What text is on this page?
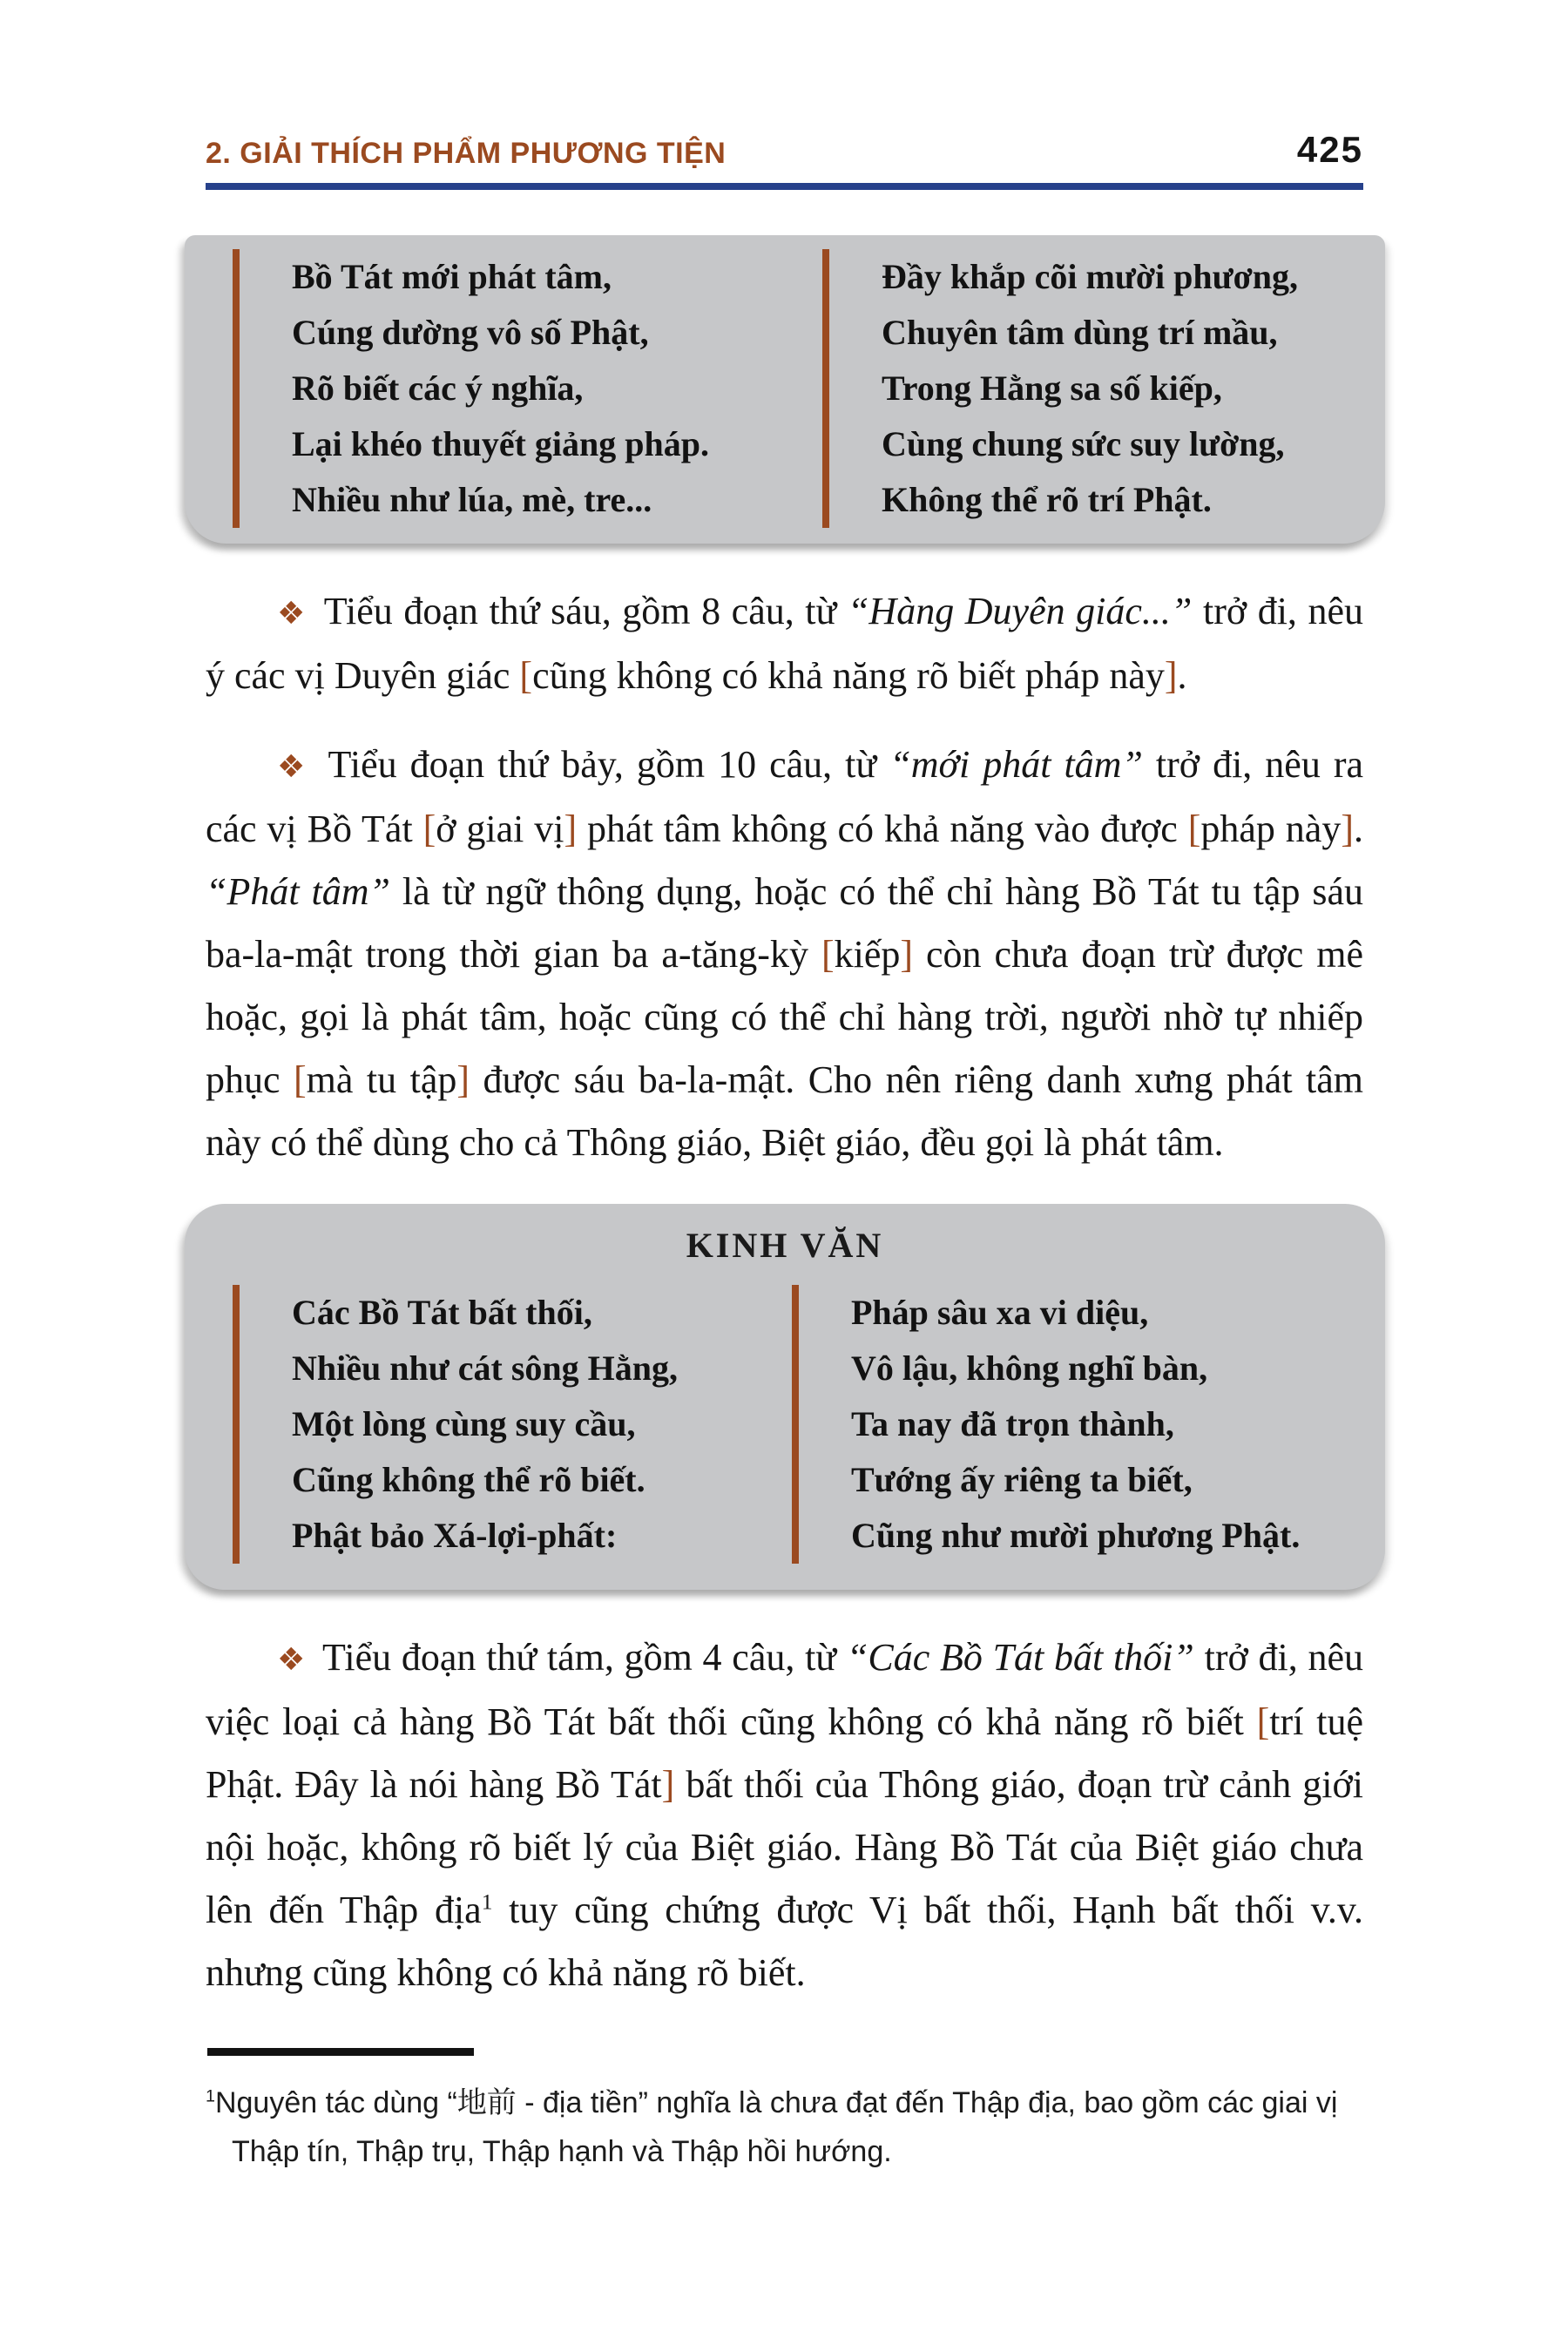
2. GIẢI THÍCH PHẨM PHƯƠNG TIỆN	425
Bồ Tát mới phát tâm,
Cúng dường vô số Phật,
Rõ biết các ý nghĩa,
Lại khéo thuyết giảng pháp.
Nhiều như lúa, mè, tre...
Đầy khắp cõi mười phương,
Chuyên tâm dùng trí mầu,
Trong Hằng sa số kiếp,
Cùng chung sức suy lường,
Không thể rõ trí Phật.

❖ Tiểu đoạn thứ sáu, gồm 8 câu, từ “Hàng Duyên giác...” trở đi, nêu ý các vị Duyên giác [cũng không có khả năng rõ biết pháp này].

❖ Tiểu đoạn thứ bảy, gồm 10 câu, từ “mới phát tâm” trở đi, nêu ra các vị Bồ Tát [ở giai vị] phát tâm không có khả năng vào được [pháp này]. “Phát tâm” là từ ngữ thông dụng, hoặc có thể chỉ hàng Bồ Tát tu tập sáu ba-la-mật trong thời gian ba a-tăng-kỳ [kiếp] còn chưa đoạn trừ được mê hoặc, gọi là phát tâm, hoặc cũng có thể chỉ hàng trời, người nhờ tự nhiếp phục [mà tu tập] được sáu ba-la-mật. Cho nên riêng danh xưng phát tâm này có thể dùng cho cả Thông giáo, Biệt giáo, đều gọi là phát tâm.

KINH VĂN
Các Bồ Tát bất thối,
Nhiều như cát sông Hằng,
Một lòng cùng suy cầu,
Cũng không thể rõ biết.
Phật bảo Xá-lợi-phất:
Pháp sâu xa vi diệu,
Vô lậu, không nghĩ bàn,
Ta nay đã trọn thành,
Tướng ấy riêng ta biết,
Cũng như mười phương Phật.

❖ Tiểu đoạn thứ tám, gồm 4 câu, từ “Các Bồ Tát bất thối” trở đi, nêu việc loại cả hàng Bồ Tát bất thối cũng không có khả năng rõ biết [trí tuệ Phật. Đây là nói hàng Bồ Tát] bất thối của Thông giáo, đoạn trừ cảnh giới nội hoặc, không rõ biết lý của Biệt giáo. Hàng Bồ Tát của Biệt giáo chưa lên đến Thập địa$^1$ tuy cũng chứng được Vị bất thối, Hạnh bất thối v.v. nhưng cũng không có khả năng rõ biết.

$^1$Nguyên tác dùng “地前 - địa tiền” nghĩa là chưa đạt đến Thập địa, bao gồm các giai vị Thập tín, Thập trụ, Thập hạnh và Thập hồi hướng.
